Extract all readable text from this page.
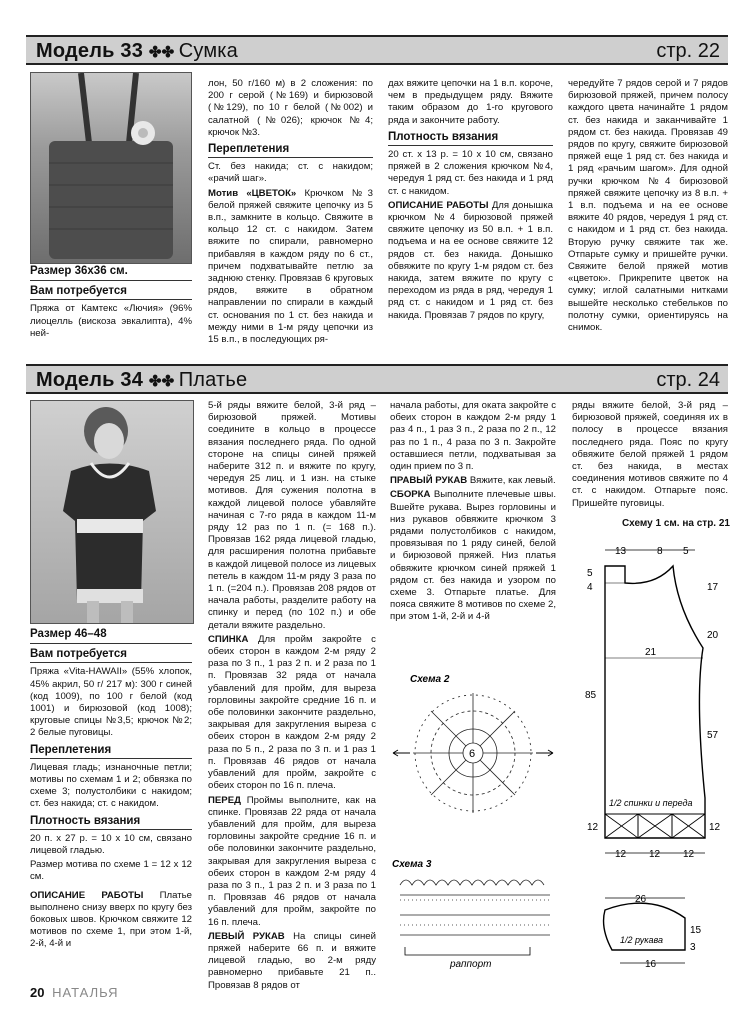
Модель 33 ✤✤ Сумка	стр. 22
Размер 36х36 см.
Вам потребуется

Пряжа от Камтекс «Лючия» (96% лиоцелль (вискоза эвкалипта), 4% ней-

лон, 50 г/160 м) в 2 сложения: по 200 г серой (№169) и бирюзовой (№129), по 10 г белой (№002) и салатной (№026); крючок №4; крючок №3.

Переплетения

Ст. без накида; ст. с накидом; «рачий шаг».

Мотив «ЦВЕТОК» Крючком №3 белой пряжей свяжите цепочку из 5 в.п., замкните в кольцо. Свяжите в кольцо 12 ст. с накидом. Затем вяжите по спирали, равномерно прибавляя в каждом ряду по 6 ст., причем подхватывайте петлю за заднюю стенку. Провязав 6 круговых рядов, вяжите в обратном направлении по спирали в каждый ст. основания по 1 ст. без накида и между ними в 1-м ряду цепочки из 15 в.п., в последующих ря-

дах вяжите цепочки на 1 в.п. короче, чем в предыдущем ряду. Вяжите таким образом до 1-го кругового ряда и закончите работу.

Плотность вязания

20 ст. х 13 р. = 10 х 10 см, связано пряжей в 2 сложения крючком №4, чередуя 1 ряд ст. без накида и 1 ряд ст. с накидом.

ОПИСАНИЕ РАБОТЫ Для донышка крючком №4 бирюзовой пряжей свяжите цепочку из 50 в.п. + 1 в.п. подъема и на ее основе свяжите 12 рядов ст. без накида. Донышко обвяжите по кругу 1-м рядом ст. без накида, затем вяжите по кругу с переходом из ряда в ряд, чередуя 1 ряд ст. с накидом и 1 ряд ст. без накида. Провязав 7 рядов по кругу,

чередуйте 7 рядов серой и 7 рядов бирюзовой пряжей, причем полосу каждого цвета начинайте 1 рядом ст. без накида и заканчивайте 1 рядом ст. без накида. Провязав 49 рядов по кругу, свяжите бирюзовой пряжей еще 1 ряд ст. без накида и 1 ряд «рачьим шагом». Для одной ручки крючком №4 бирюзовой пряжей свяжите цепочку из 8 в.п. + 1 в.п. подъема и на ее основе вяжите 40 рядов, чередуя 1 ряд ст. с накидом и 1 ряд ст. без накида. Вторую ручку свяжите так же. Отпарьте сумку и пришейте ручки. Свяжите белой пряжей мотив «цветок». Прикрепите цветок на сумку; иглой салатными нитками вышейте несколько стебельков по полотну сумки, ориентируясь на снимок.

Модель 34 ✤✤ Платье	стр. 24
Размер 46–48
Вам потребуется

Пряжа «Vita-HAWAII» (55% хлопок, 45% акрил, 50 г/ 217 м): 300 г синей (код 1009), по 100 г белой (код 1001) и бирюзовой (код 1008); круговые спицы №3,5; крючок №2; 2 белые пуговицы.

Переплетения

Лицевая гладь; изнаночные петли; мотивы по схемам 1 и 2; обвязка по схеме 3; полустолбики с накидом; ст. без накида; ст. с накидом.

Плотность вязания

20 п. х 27 р. = 10 х 10 см, связано лицевой гладью.

Размер мотива по схеме 1 = 12 х 12 см.

ОПИСАНИЕ РАБОТЫ Платье выполнено снизу вверх по кругу без боковых швов. Крючком свяжите 12 мотивов по схеме 1, при этом 1-й, 2-й, 4-й и

5-й ряды вяжите белой, 3-й ряд – бирюзовой пряжей. Мотивы соедините в кольцо в процессе вязания последнего ряда. По одной стороне на спицы синей пряжей наберите 312 п. и вяжите по кругу, чередуя 25 лиц. и 1 изн. на стыке мотивов. Для сужения полотна в каждой лицевой полосе убавляйте начиная с 7-го ряда в каждом 11-м ряду 12 раз по 1 п. (= 168 п.). Провязав 162 ряда лицевой гладью, для расширения полотна прибавьте в каждой лицевой полосе из лицевых петель в каждом 11-м ряду 3 раза по 1 п. (=204 п.). Провязав 208 рядов от начала работы, разделите работу на спинку и перед (по 102 п.) и обе детали вяжите раздельно.

СПИНКА Для пройм закройте с обеих сторон в каждом 2-м ряду 2 раза по 3 п., 1 раз 2 п. и 2 раза по 1 п. Провязав 32 ряда от начала убавлений для пройм, для выреза горловины закройте средние 16 п. и обе половинки закончите раздельно, закрывая для закругления выреза с обеих сторон в каждом 2-м ряду 2 раза по 5 п., 2 раза по 3 п. и 1 раз 1 п. Провязав 46 рядов от начала убавлений для пройм, закройте с обеих сторон по 16 п. плеча.

ПЕРЕД Проймы выполните, как на спинке. Провязав 22 ряда от начала убавлений для пройм, для выреза горловины закройте средние 16 п. и обе половинки закончите раздельно, закрывая для закругления выреза с обеих сторон в каждом 2-м ряду 4 раза по 3 п., 1 раз 2 п. и 3 раза по 1 п. Провязав 46 рядов от начала убавлений для пройм, закройте по 16 п. плеча.

ЛЕВЫЙ РУКАВ На спицы синей пряжей наберите 66 п. и вяжите лицевой гладью, во 2-м ряду равномерно прибавьте 21 п.. Провязав 8 рядов от

начала работы, для оката закройте с обеих сторон в каждом 2-м ряду 1 раз 4 п., 1 раз 3 п., 2 раза по 2 п., 12 раз по 1 п., 4 раза по 3 п. Закройте оставшиеся петли, подхватывая за один прием по 3 п.

ПРАВЫЙ РУКАВ Вяжите, как левый.

СБОРКА Выполните плечевые швы. Вшейте рукава. Вырез горловины и низ рукавов обвяжите крючком 3 рядами полустолбиков с накидом, провязывая по 1 ряду синей, белой и бирюзовой пряжей. Низ платья обвяжите крючком синей пряжей 1 рядом ст. без накида и узором по схеме 3. Отпарьте платье. Для пояса свяжите 8 мотивов по схеме 2, при этом 1-й, 2-й и 4-й

ряды вяжите белой, 3-й ряд – бирюзовой пряжей, соединяя их в полосу в процессе вязания последнего ряда. Пояс по кругу обвяжите белой пряжей 1 рядом ст. без накида, в местах соединения мотивов свяжите по 4 ст. с накидом. Отпарьте пояс. Пришейте пуговицы.

Схема 2
6
Схема 3
раппорт
Схему 1 см. на стр. 21
13	8 5
5
4	17
20
21
85
57
1/2 спинки и переда
12	12
12 12 12
26
1/2 рукава
15
3
16
20 НАТАЛЬЯ
